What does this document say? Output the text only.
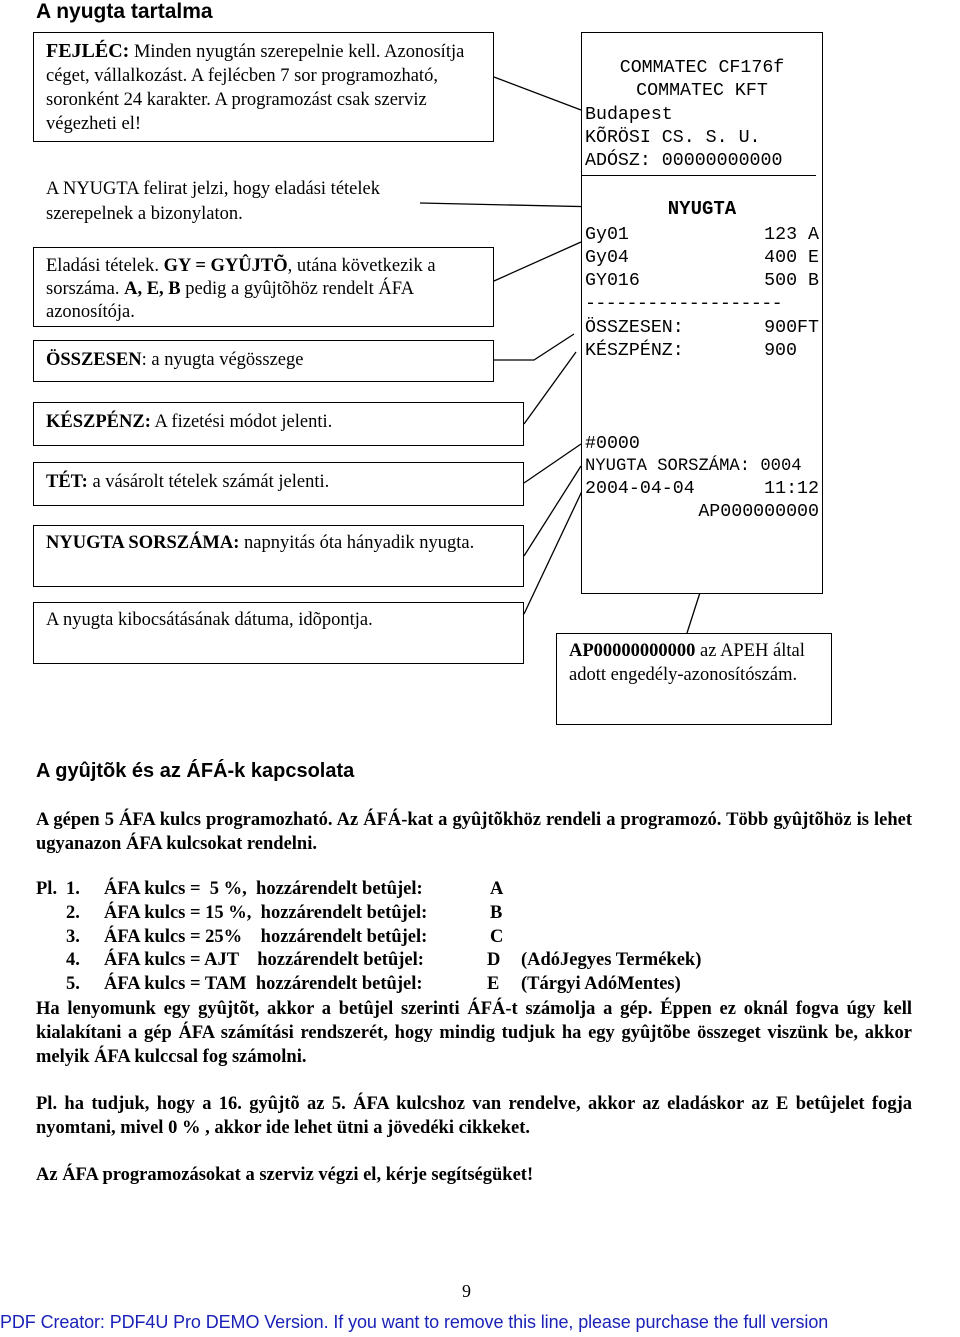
A nyugta tartalma
FEJLÉC: Minden nyugtán szerepelnie kell. Azonosítja céget, vállalkozást. A fejlécben 7 sor programozható, soronként 24 karakter. A programozást csak szerviz végezheti el!
A NYUGTA felirat jelzi, hogy eladási tételek szerepelnek a bizonylaton.
Eladási tételek. GY = GYÛJTÕ, utána következik a sorszáma. A, E, B pedig a gyûjtõhöz rendelt ÁFA azonosítója.
ÖSSZESEN: a nyugta végösszege
KÉSZPÉNZ: A fizetési módot jelenti.
TÉT: a vásárolt tételek számát jelenti.
NYUGTA SORSZÁMA: napnyitás óta hányadik nyugta.
A nyugta kibocsátásának dátuma, idõpontja.
AP00000000000 az APEH által adott engedély-azonosítószám.
COMMATEC CF176f
COMMATEC KFT
Budapest
KÕRÖSI CS. S. U.
ADÓSZ: 00000000000
NYUGTA
Gy01	123 A
Gy04	400 E
GY016	500 B
-------------------
ÖSSZESEN:	900FT
KÉSZPÉNZ:	900
#0000
NYUGTA SORSZÁMA: 0004
2004-04-04	11:12
AP000000000
A gyûjtõk és az ÁFÁ-k kapcsolata
A gépen 5 ÁFA kulcs programozható. Az ÁFÁ-kat a gyûjtõkhöz rendeli a programozó. Több gyûjtõhöz is lehet ugyanazon ÁFA kulcsokat rendelni.
Pl. 1. ÁFA kulcs =  5 %,  hozzárendelt betûjel:	A
2. ÁFA kulcs = 15 %,  hozzárendelt betûjel:	B
3. ÁFA kulcs = 25%    hozzárendelt betûjel:	C
4. ÁFA kulcs = AJT    hozzárendelt betûjel:	D (AdóJegyes Termékek)
5. ÁFA kulcs = TAM  hozzárendelt betûjel:	E (Tárgyi AdóMentes)
Ha lenyomunk egy gyûjtõt, akkor a betûjel szerinti ÁFÁ-t számolja a gép. Éppen ez oknál fogva úgy kell kialakítani a gép ÁFA számítási rendszerét, hogy mindig tudjuk ha egy gyûjtõbe összeget viszünk be, akkor melyik ÁFA kulccsal fog számolni.
Pl. ha tudjuk, hogy a 16. gyûjtõ az 5. ÁFA kulcshoz van rendelve, akkor az eladáskor az E betûjelet fogja nyomtani, mivel 0 % , akkor ide lehet ütni a jövedéki cikkeket.
Az ÁFA programozásokat a szerviz végzi el, kérje segítségüket!
9
PDF Creator: PDF4U Pro DEMO Version. If you want to remove this line, please purchase the full version
